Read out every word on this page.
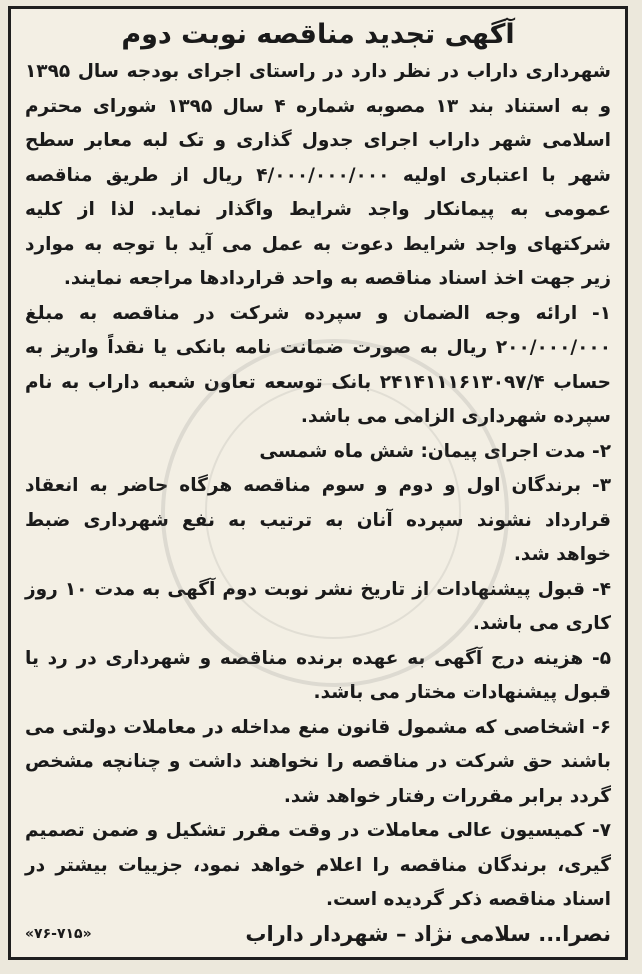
آگهی تجدید مناقصه نوبت دوم

شهرداری داراب در نظر دارد در راستای اجرای بودجه سال ۱۳۹۵ و به استناد بند ۱۳ مصوبه شماره ۴ سال ۱۳۹۵ شورای محترم اسلامی شهر داراب اجرای جدول گذاری و تک لبه معابر سطح شهر با اعتباری اولیه ۴/۰۰۰/۰۰۰/۰۰۰ ریال از طریق مناقصه عمومی به پیمانکار واجد شرایط واگذار نماید. لذا از کلیه شرکتهای واجد شرایط دعوت به عمل می آید با توجه به موارد زیر جهت اخذ اسناد مناقصه به واحد قراردادها مراجعه نمایند.

۱- ارائه وجه الضمان و سپرده شرکت در مناقصه به مبلغ ۲۰۰/۰۰۰/۰۰۰ ریال به صورت ضمانت نامه بانکی یا نقداً واریز به حساب ۲۴۱۴۱۱۱۶۱۳۰۹۷/۴ بانک توسعه تعاون شعبه داراب به نام سپرده شهرداری الزامی می باشد.

۲- مدت اجرای پیمان: شش ماه شمسی

۳- برندگان اول و دوم و سوم مناقصه هرگاه حاضر به انعقاد قرارداد نشوند سپرده آنان به ترتیب به نفع شهرداری ضبط خواهد شد.

۴- قبول پیشنهادات از تاریخ نشر نوبت دوم آگهی به مدت ۱۰ روز کاری می باشد.

۵- هزینه درج آگهی به عهده برنده مناقصه و شهرداری در رد یا قبول پیشنهادات مختار می باشد.

۶- اشخاصی که مشمول قانون منع مداخله در معاملات دولتی می باشند حق شرکت در مناقصه را نخواهند داشت و چنانچه مشخص گردد برابر مقررات رفتار خواهد شد.

۷- کمیسیون عالی معاملات در وقت مقرر تشکیل و ضمن تصمیم گیری، برندگان مناقصه را اعلام خواهد نمود، جزییات بیشتر در اسناد مناقصه ذکر گردیده است.

نصرا... سلامی نژاد – شهردار داراب
«۷۶-۷۱۵»
